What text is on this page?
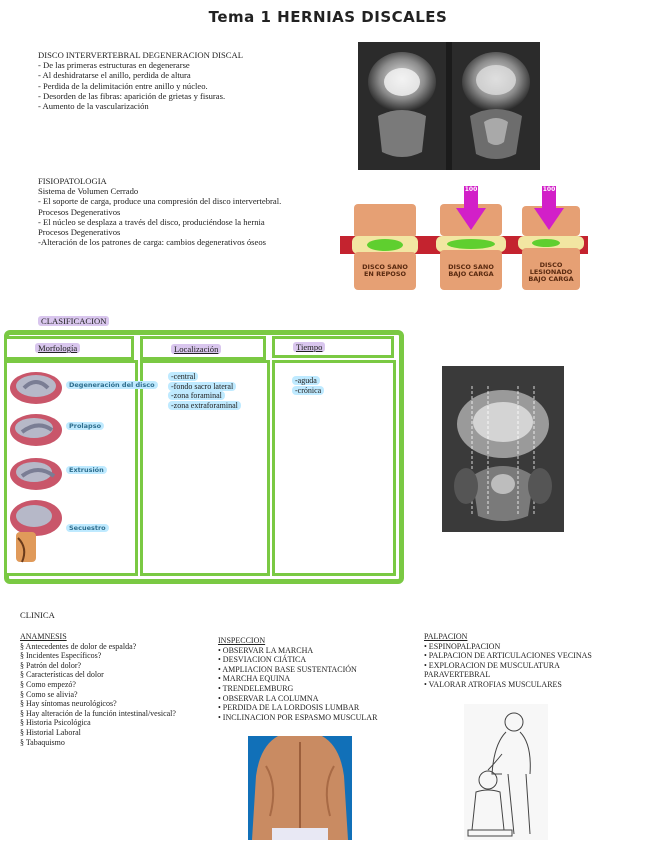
Tema 1 HERNIAS DISCALES
DISCO INTERVERTEBRAL DEGENERACION DISCAL
- De las primeras estructuras en degenerarse
- Al deshidratarse el anillo, perdida de altura
- Perdida de la delimitación entre anillo y núcleo.
- Desorden de las fibras: aparición de grietas y fisuras.
- Aumento de la vascularización
FISIOPATOLOGIA
Sistema de Volumen Cerrado
- El soporte de carga, produce una compresión del disco intervertebral.
Procesos Degenerativos
- El núcleo se desplaza a través del disco, produciéndose la hernia
Procesos Degenerativos
-Alteración de los patrones de carga: cambios degenerativos óseos
100	100
DISCO SANO
EN REPOSO
DISCO SANO
BAJO CARGA
DISCO
LESIONADO
BAJO CARGA
CLASIFICACION
Morfología	Localización	Tiempo
Degeneración del disco
Prolapso
Extrusión
Secuestro
-central
-fondo sacro lateral
-zona foraminal
-zona extraforaminal
-aguda
-crónica
CLINICA
ANAMNESIS
§ Antecedentes de dolor de espalda?
§ Incidentes Específicos?
§ Patrón del dolor?
§ Características del dolor
§ Como empezó?
§ Como se alivia?
§ Hay síntomas neurológicos?
§ Hay alteración de la función intestinal/vesical?
§ Historia Psicológica
§ Historial Laboral
§ Tabaquismo
INSPECCION
• OBSERVAR LA MARCHA
• DESVIACION CIÁTICA
• AMPLIACION BASE SUSTENTACIÓN
• MARCHA EQUINA
• TRENDELEMBURG
• OBSERVAR LA COLUMNA
• PERDIDA DE LA LORDOSIS LUMBAR
• INCLINACION POR ESPASMO MUSCULAR
PALPACION
• ESPINOPALPACION
• PALPACION DE ARTICULACIONES VECINAS
• EXPLORACION DE MUSCULATURA
PARAVERTEBRAL
• VALORAR ATROFIAS MUSCULARES
